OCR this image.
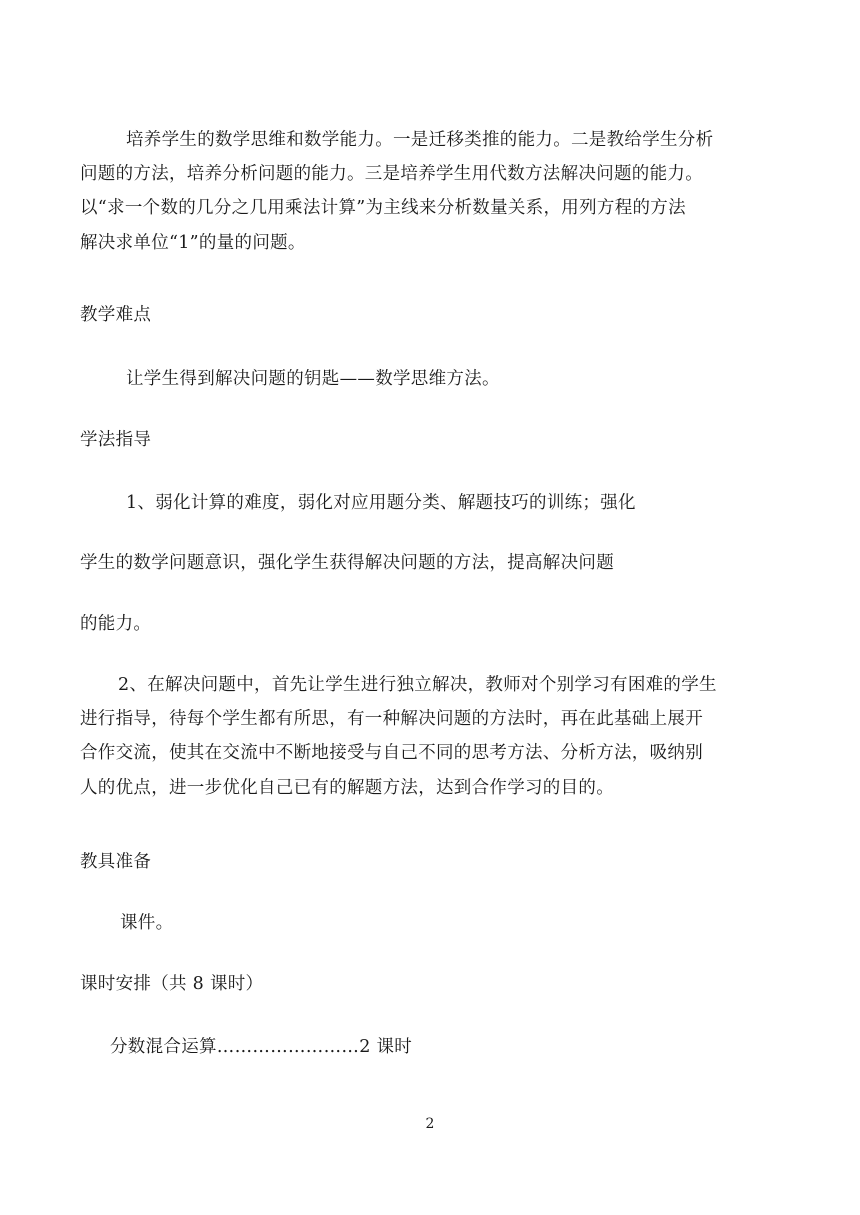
培养学生的数学思维和数学能力。一是迁移类推的能力。二是教给学生分析
问题的方法，培养分析问题的能力。三是培养学生用代数方法解决问题的能力。
以“求一个数的几分之几用乘法计算”为主线来分析数量关系，用列方程的方法
解决求单位“1”的量的问题。
教学难点
让学生得到解决问题的钥匙——数学思维方法。
学法指导
1、弱化计算的难度，弱化对应用题分类、解题技巧的训练；强化
学生的数学问题意识，强化学生获得解决问题的方法，提高解决问题
的能力。
2、在解决问题中，首先让学生进行独立解决，教师对个别学习有困难的学生
进行指导，待每个学生都有所思，有一种解决问题的方法时，再在此基础上展开
合作交流，使其在交流中不断地接受与自己不同的思考方法、分析方法，吸纳别
人的优点，进一步优化自己已有的解题方法，达到合作学习的目的。
教具准备
课件。
课时安排（共 8 课时）
分数混合运算……………………2 课时
2
